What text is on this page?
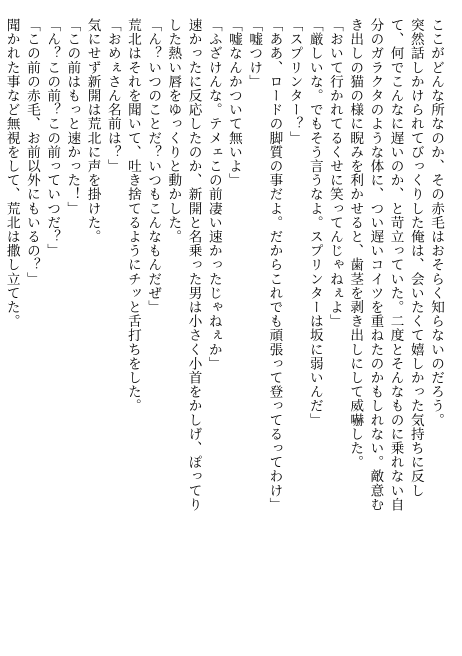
ここがどんな所なのか、その赤毛はおそらく知らないのだろう。
突然話しかけられてびっくりした俺は、会いたくて嬉しかった気持ちに反し
て、何でこんなに遅いのか、と苛立っていた。二度とそんなものに乗れない自
分のガラクタのような体に、つい遅いコイツを重ねたのかもしれない。敵意む
き出しの猫の様に睨みを利かせると、歯茎を剥き出しにして威嚇した。
「おいて行かれてるくせに笑ってんじゃねぇよ」
「厳しいな。でもそう言うなよ。スプリンターは坂に弱いんだ」
「スプリンター？」
「ああ、ロードの脚質の事だよ。だからこれでも頑張って登ってるってわけ」
「嘘つけ」
「嘘なんかついて無いよ」
「ふざけんな。テメェこの前凄い速かったじゃねぇか」
速かったに反応したのか、新開と名乗った男は小さく小首をかしげ、ぽってり
した熱い唇をゆっくりと動かした。
「ん？いつのことだ？いつもこんなもんだぜ」
荒北はそれを聞いて、吐き捨てるようにチッと舌打ちをした。
「おめぇさん名前は？」
気にせず新開は荒北に声を掛けた。
「この前はもっと速かった！」
「ん？この前？この前っていつだ？」
「この前の赤毛、お前以外にもいるの？」
聞かれた事など無視をして、荒北は撒し立てた。
